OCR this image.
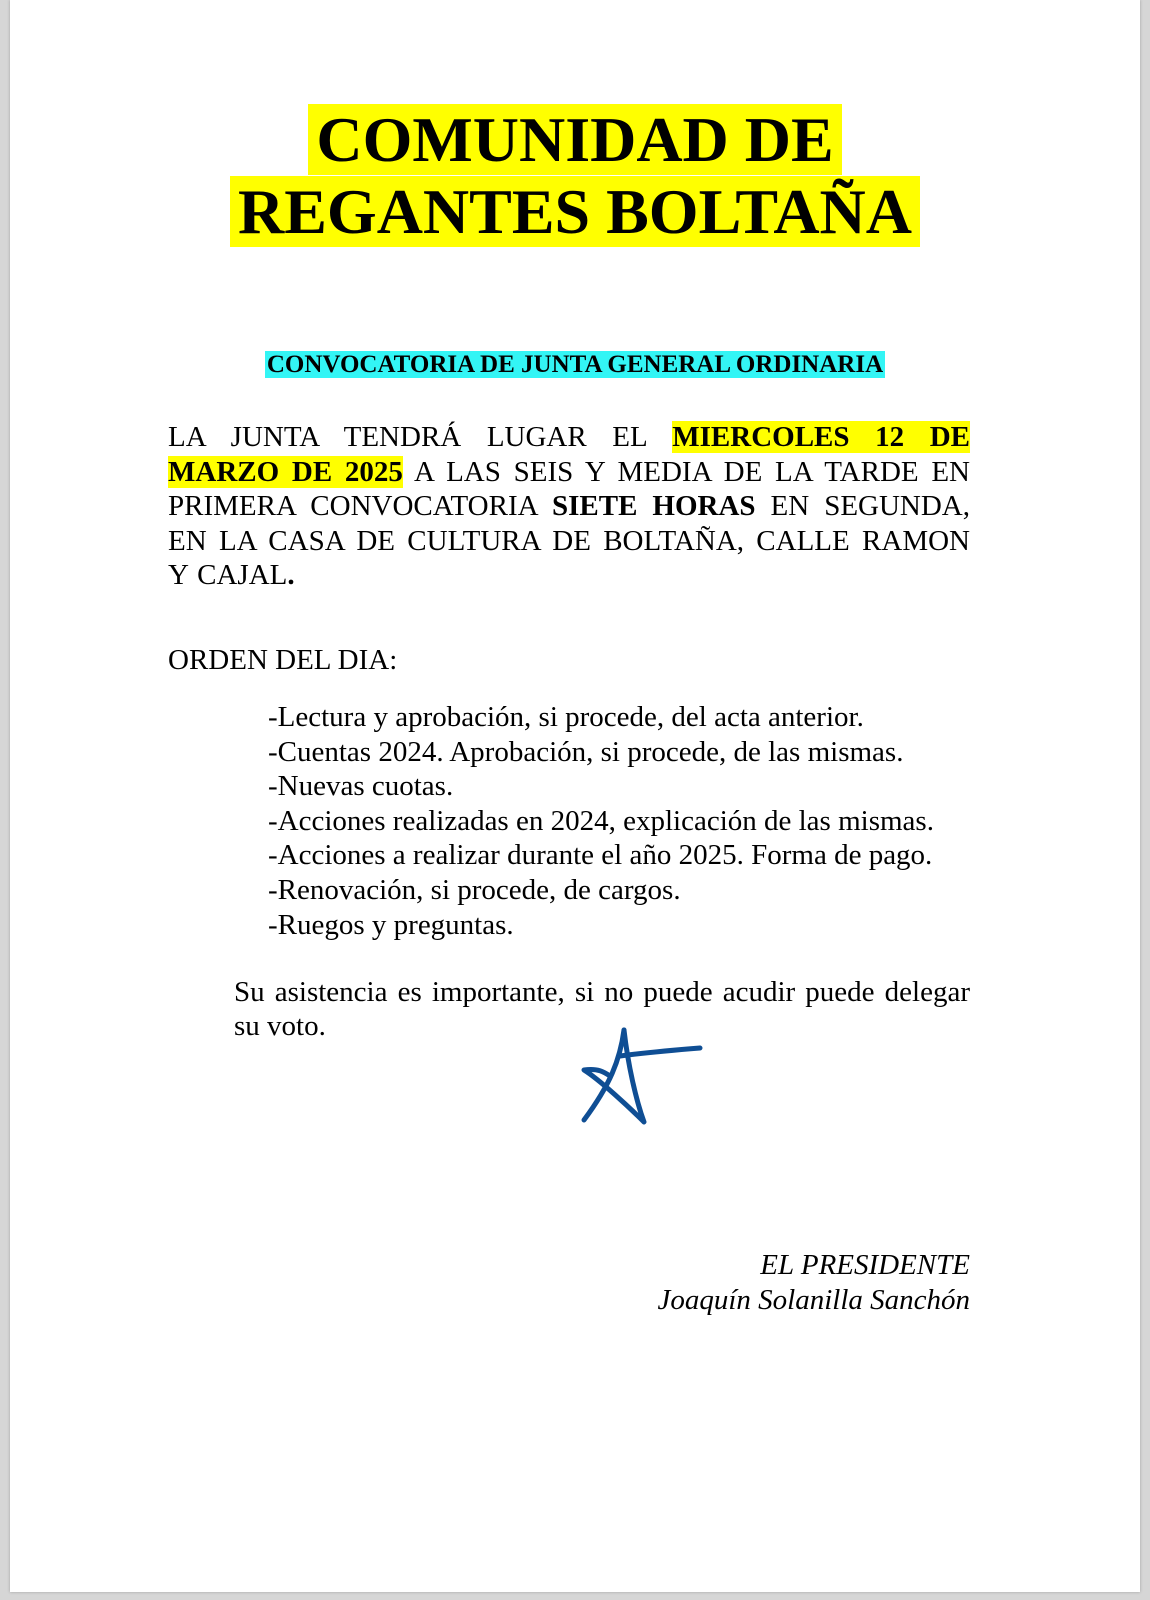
COMUNIDAD DE
REGANTES BOLTAÑA
CONVOCATORIA DE JUNTA GENERAL ORDINARIA

LA JUNTA TENDRÁ LUGAR EL MIERCOLES 12 DE MARZO DE 2025 A LAS SEIS Y MEDIA DE LA TARDE EN PRIMERA CONVOCATORIA SIETE HORAS EN SEGUNDA, EN LA CASA DE CULTURA DE BOLTAÑA, CALLE RAMON Y CAJAL.

ORDEN DEL DIA:
-Lectura y aprobación, si procede, del acta anterior.
-Cuentas 2024. Aprobación, si procede, de las mismas.
-Nuevas cuotas.
-Acciones realizadas en 2024, explicación de las mismas.
-Acciones a realizar durante el año 2025. Forma de pago.
-Renovación, si procede, de cargos.
-Ruegos y preguntas.

Su asistencia es importante, si no puede acudir puede delegar su voto.

EL PRESIDENTE
Joaquín Solanilla Sanchón
